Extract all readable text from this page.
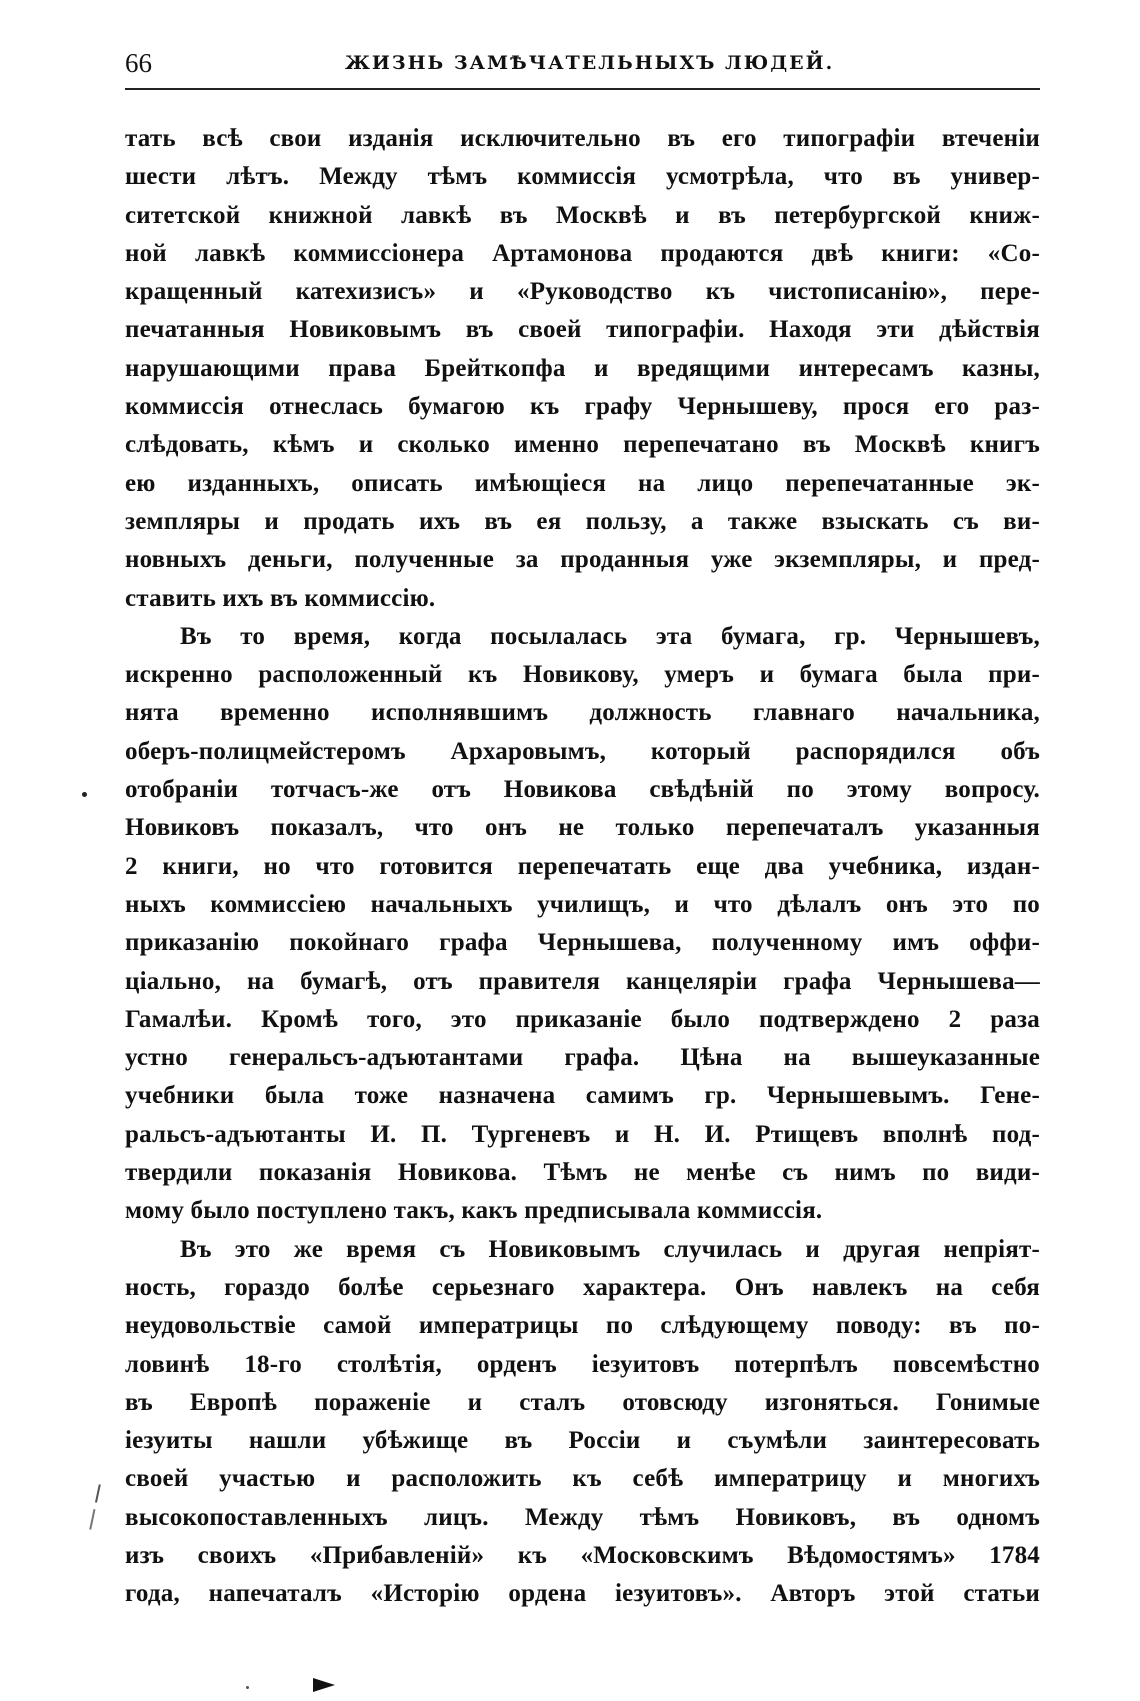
66	ЖИЗНЬ ЗАМѢЧАТЕЛЬНЫХЪ ЛЮДЕЙ.
тать всѣ свои изданія исключительно въ его типографіи втеченіи
шести лѣтъ. Между тѣмъ коммиссія усмотрѣла, что въ универ-
ситетской книжной лавкѣ въ Москвѣ и въ петербургской книж-
ной лавкѣ коммиссіонера Артамонова продаются двѣ книги: «Со-
кращенный катехизисъ» и «Руководство къ чистописанію», пере-
печатанныя Новиковымъ въ своей типографіи. Находя эти дѣйствія
нарушающими права Брейткопфа и вредящими интересамъ казны,
коммиссія отнеслась бумагою къ графу Чернышеву, прося его раз-
слѣдовать, кѣмъ и сколько именно перепечатано въ Москвѣ книгъ
ею изданныхъ, описать имѣющіеся на лицо перепечатанные эк-
земпляры и продать ихъ въ ея пользу, а также взыскать съ ви-
новныхъ деньги, полученные за проданныя уже экземпляры, и пред-
ставить ихъ въ коммиссію.
Въ то время, когда посылалась эта бумага, гр. Чернышевъ,
искренно расположенный къ Новикову, умеръ и бумага была при-
нята временно исполнявшимъ должность главнаго начальника,
оберъ-полицмейстеромъ Архаровымъ, который распорядился объ
отобраніи тотчасъ-же отъ Новикова свѣдѣній по этому вопросу.
Новиковъ показалъ, что онъ не только перепечаталъ указанныя
2 книги, но что готовится перепечатать еще два учебника, издан-
ныхъ коммиссіею начальныхъ училищъ, и что дѣлалъ онъ это по
приказанію покойнаго графа Чернышева, полученному имъ оффи-
ціально, на бумагѣ, отъ правителя канцеляріи графа Чернышева—
Гамалѣи. Кромѣ того, это приказаніе было подтверждено 2 раза
устно генеральсъ-адъютантами графа. Цѣна на вышеуказанные
учебники была тоже назначена самимъ гр. Чернышевымъ. Гене-
ральсъ-адъютанты И. П. Тургеневъ и Н. И. Ртищевъ вполнѣ под-
твердили показанія Новикова. Тѣмъ не менѣе съ нимъ по види-
мому было поступлено такъ, какъ предписывала коммиссія.
Въ это же время съ Новиковымъ случилась и другая непріят-
ность, гораздо болѣе серьезнаго характера. Онъ навлекъ на себя
неудовольствіе самой императрицы по слѣдующему поводу: въ по-
ловинѣ 18-го столѣтія, орденъ іезуитовъ потерпѣлъ повсемѣстно
въ Европѣ пораженіе и сталъ отовсюду изгоняться. Гонимые
іезуиты нашли убѣжище въ Россіи и съумѣли заинтересовать
своей участью и расположить къ себѣ императрицу и многихъ
высокопоставленныхъ лицъ. Между тѣмъ Новиковъ, въ одномъ
изъ своихъ «Прибавленій» къ «Московскимъ Вѣдомостямъ» 1784
года, напечаталъ «Исторію ордена іезуитовъ». Авторъ этой статьи
